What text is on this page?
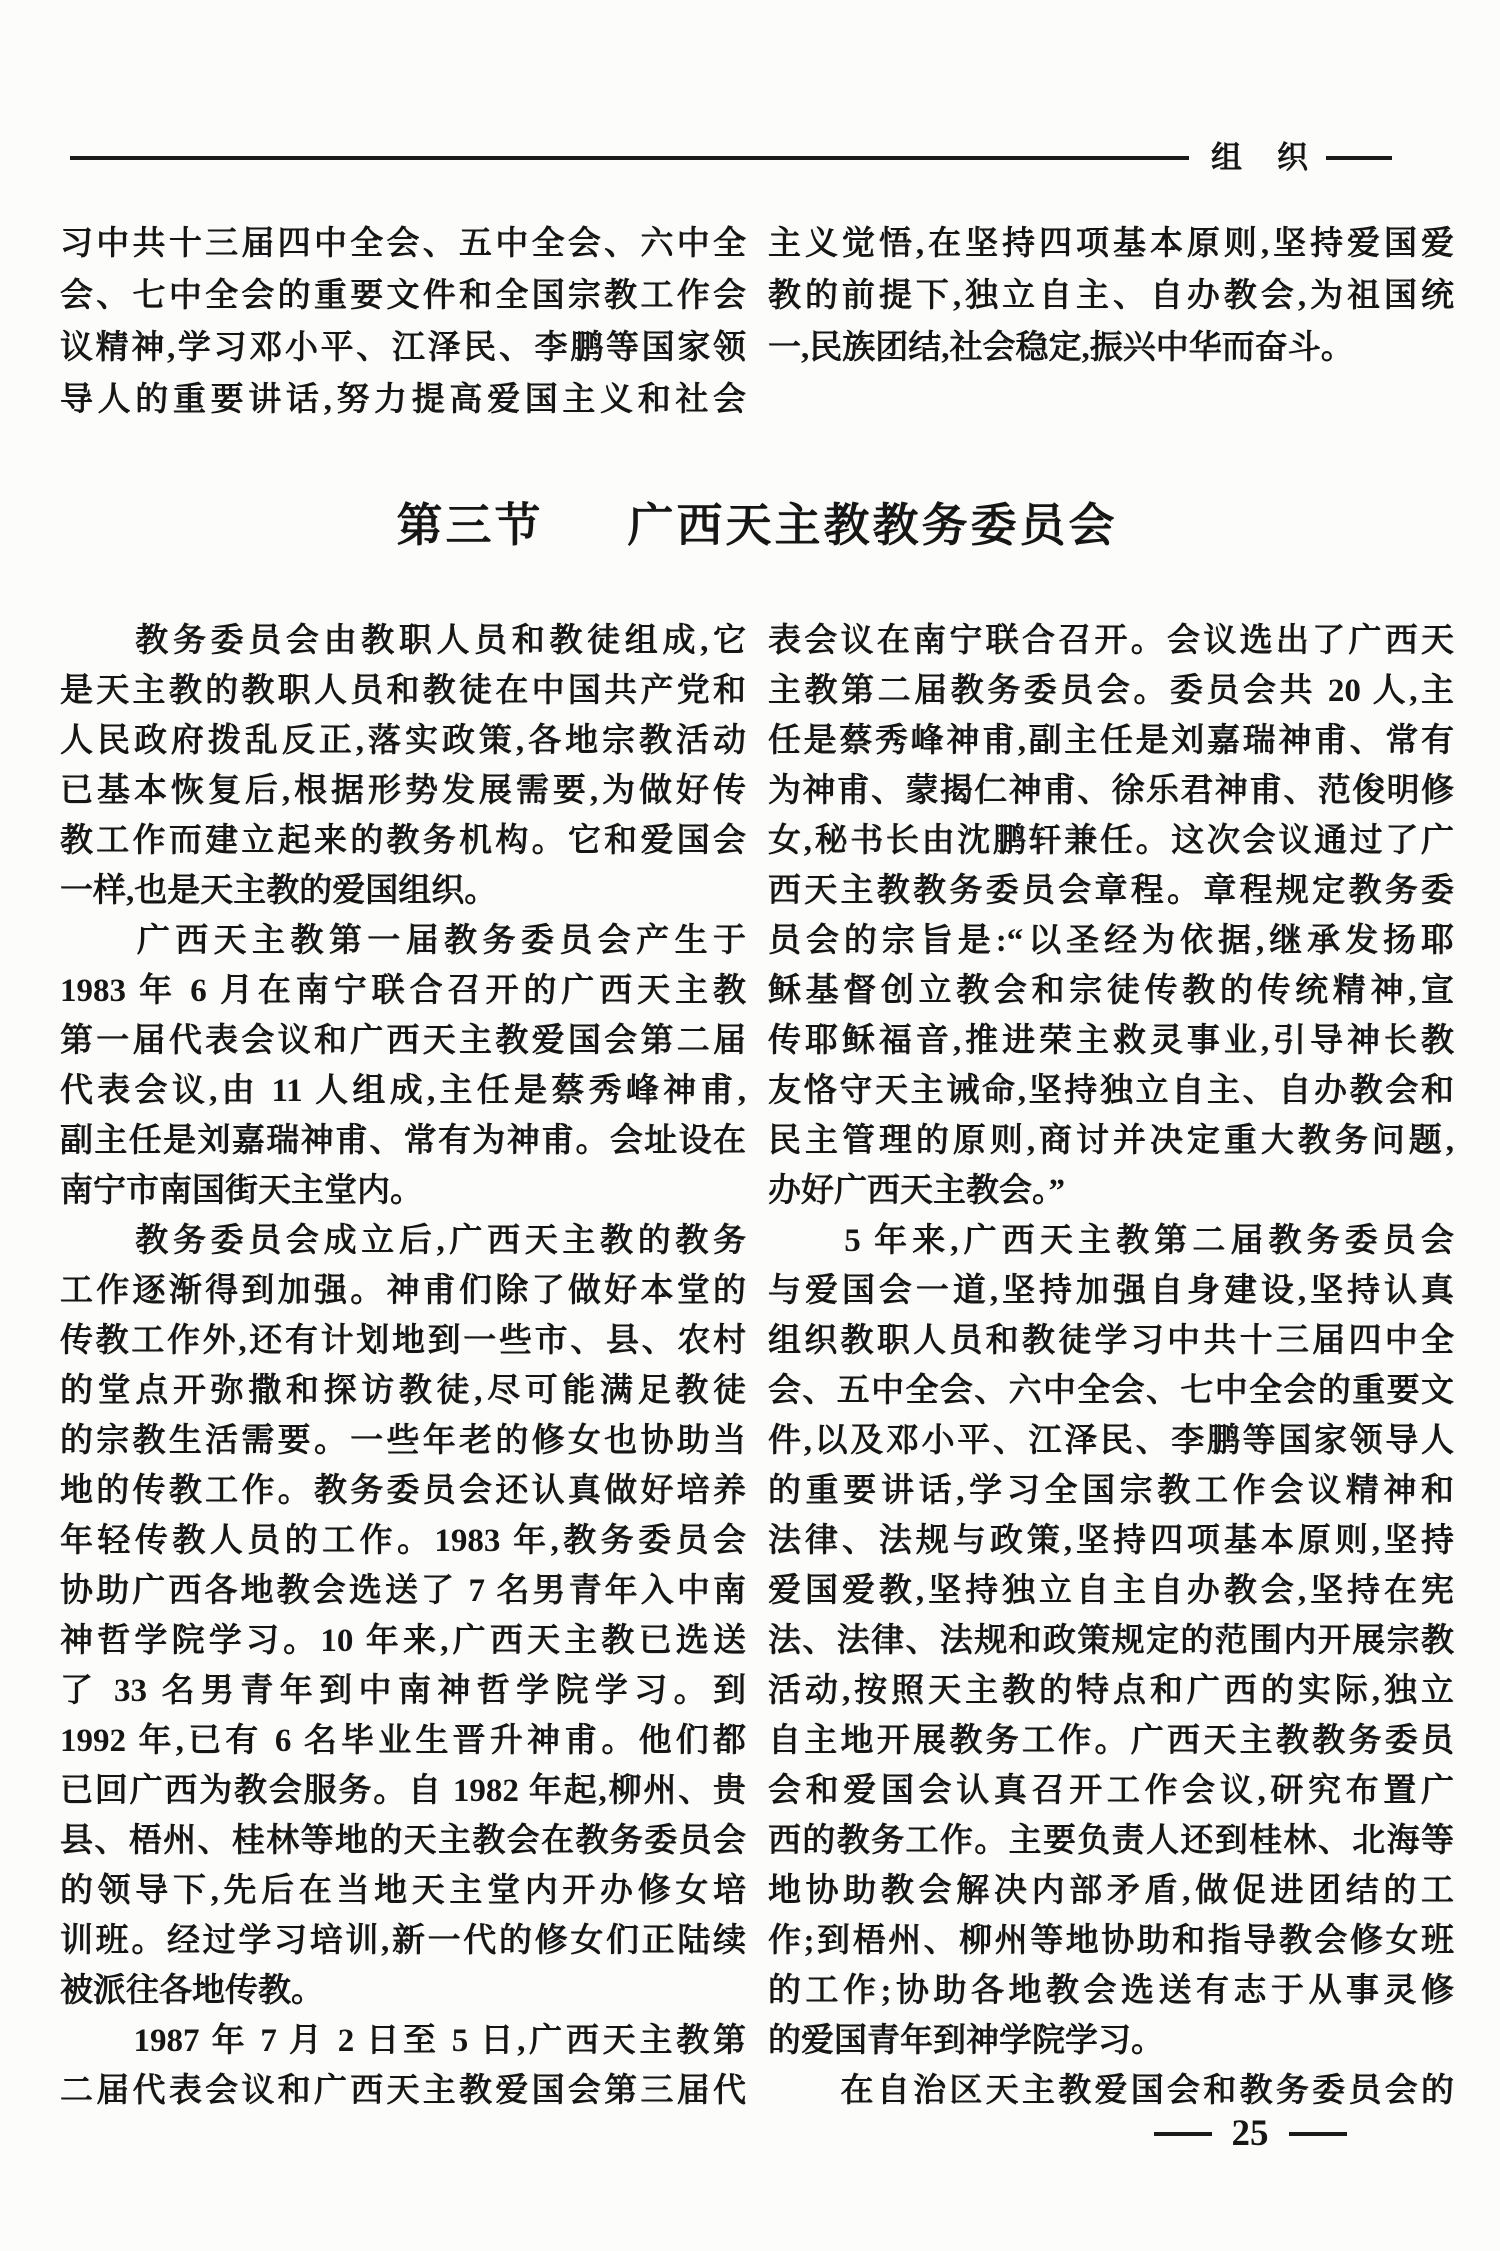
组　织
习中共十三届四中全会、五中全会、六中全
会、七中全会的重要文件和全国宗教工作会
议精神,学习邓小平、江泽民、李鹏等国家领
导人的重要讲话,努力提高爱国主义和社会
主义觉悟,在坚持四项基本原则,坚持爱国爱
教的前提下,独立自主、自办教会,为祖国统
一,民族团结,社会稳定,振兴中华而奋斗。
第三节 广西天主教教务委员会
　　教务委员会由教职人员和教徒组成,它
是天主教的教职人员和教徒在中国共产党和
人民政府拨乱反正,落实政策,各地宗教活动
已基本恢复后,根据形势发展需要,为做好传
教工作而建立起来的教务机构。它和爱国会
一样,也是天主教的爱国组织。
　　广西天主教第一届教务委员会产生于
1983 年 6 月在南宁联合召开的广西天主教
第一届代表会议和广西天主教爱国会第二届
代表会议,由 11 人组成,主任是蔡秀峰神甫,
副主任是刘嘉瑞神甫、常有为神甫。会址设在
南宁市南国街天主堂内。
　　教务委员会成立后,广西天主教的教务
工作逐渐得到加强。神甫们除了做好本堂的
传教工作外,还有计划地到一些市、县、农村
的堂点开弥撒和探访教徒,尽可能满足教徒
的宗教生活需要。一些年老的修女也协助当
地的传教工作。教务委员会还认真做好培养
年轻传教人员的工作。1983 年,教务委员会
协助广西各地教会选送了 7 名男青年入中南
神哲学院学习。10 年来,广西天主教已选送
了 33 名男青年到中南神哲学院学习。到
1992 年,已有 6 名毕业生晋升神甫。他们都
已回广西为教会服务。自 1982 年起,柳州、贵
县、梧州、桂林等地的天主教会在教务委员会
的领导下,先后在当地天主堂内开办修女培
训班。经过学习培训,新一代的修女们正陆续
被派往各地传教。
　　1987 年 7 月 2 日至 5 日,广西天主教第
二届代表会议和广西天主教爱国会第三届代
表会议在南宁联合召开。会议选出了广西天
主教第二届教务委员会。委员会共 20 人,主
任是蔡秀峰神甫,副主任是刘嘉瑞神甫、常有
为神甫、蒙揭仁神甫、徐乐君神甫、范俊明修
女,秘书长由沈鹏轩兼任。这次会议通过了广
西天主教教务委员会章程。章程规定教务委
员会的宗旨是:“以圣经为依据,继承发扬耶
稣基督创立教会和宗徒传教的传统精神,宣
传耶稣福音,推进荣主救灵事业,引导神长教
友恪守天主诫命,坚持独立自主、自办教会和
民主管理的原则,商讨并决定重大教务问题,
办好广西天主教会。”
　　5 年来,广西天主教第二届教务委员会
与爱国会一道,坚持加强自身建设,坚持认真
组织教职人员和教徒学习中共十三届四中全
会、五中全会、六中全会、七中全会的重要文
件,以及邓小平、江泽民、李鹏等国家领导人
的重要讲话,学习全国宗教工作会议精神和
法律、法规与政策,坚持四项基本原则,坚持
爱国爱教,坚持独立自主自办教会,坚持在宪
法、法律、法规和政策规定的范围内开展宗教
活动,按照天主教的特点和广西的实际,独立
自主地开展教务工作。广西天主教教务委员
会和爱国会认真召开工作会议,研究布置广
西的教务工作。主要负责人还到桂林、北海等
地协助教会解决内部矛盾,做促进团结的工
作;到梧州、柳州等地协助和指导教会修女班
的工作;协助各地教会选送有志于从事灵修
的爱国青年到神学院学习。
　　在自治区天主教爱国会和教务委员会的
25
